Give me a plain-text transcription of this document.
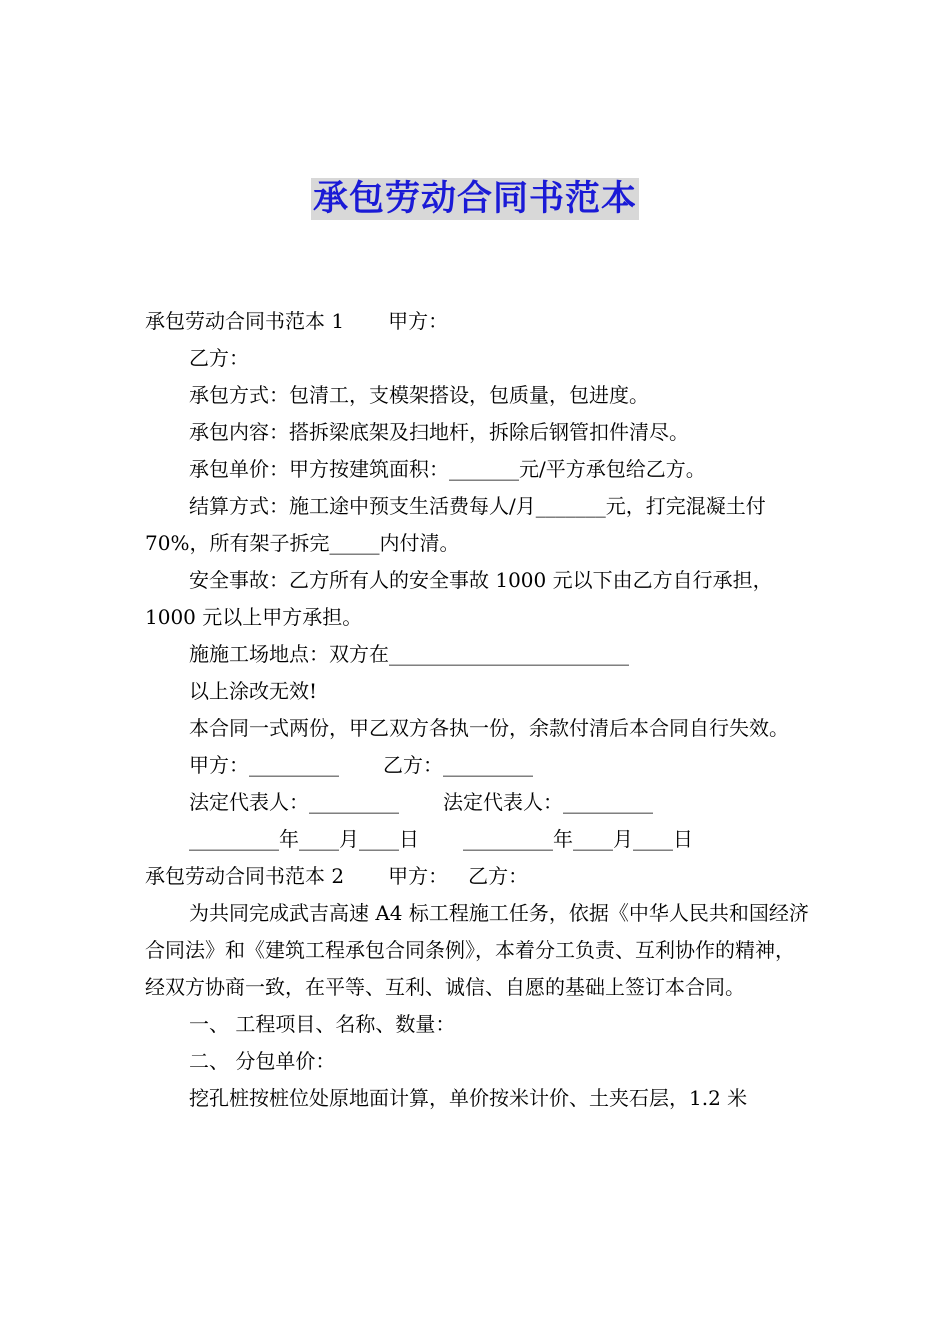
承包劳动合同书范本

承包劳动合同书范本 1 甲方：

乙方：

承包方式：包清工，支模架搭设，包质量，包进度。

承包内容：搭拆梁底架及扫地杆，拆除后钢管扣件清尽。

承包单价：甲方按建筑面积：_______元/平方承包给乙方。

结算方式：施工途中预支生活费每人/月_______元，打完混凝土付 70%，所有架子拆完_____内付清。

安全事故：乙方所有人的安全事故 1000 元以下由乙方自行承担，1000 元以上甲方承担。

施施工场地点：双方在________________________

以上涂改无效!

本合同一式两份，甲乙双方各执一份，余款付清后本合同自行失效。

甲方：_________ 乙方：_________

法定代表人：_________ 法定代表人：_________

_________年____月____日 _________年____月____日

承包劳动合同书范本 2 甲方： 乙方：

为共同完成武吉高速 A4 标工程施工任务，依据《中华人民共和国经济合同法》和《建筑工程承包合同条例》，本着分工负责、互利协作的精神，经双方协商一致，在平等、互利、诚信、自愿的基础上签订本合同。

一、 工程项目、名称、数量：

二、 分包单价：

挖孔桩按桩位处原地面计算，单价按米计价、土夹石层，1.2 米
